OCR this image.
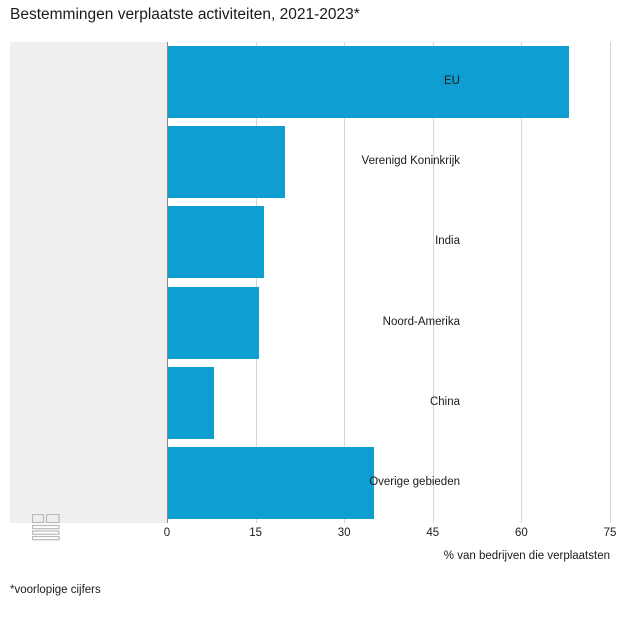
Bestemmingen verplaatste activiteiten, 2021-2023*
% van bedrijven die verplaatsten
*voorlopige cijfers
EU
Verenigd Koninkrijk
India
Noord-Amerika
China
Overige gebieden
0	15	30	45	60	75
